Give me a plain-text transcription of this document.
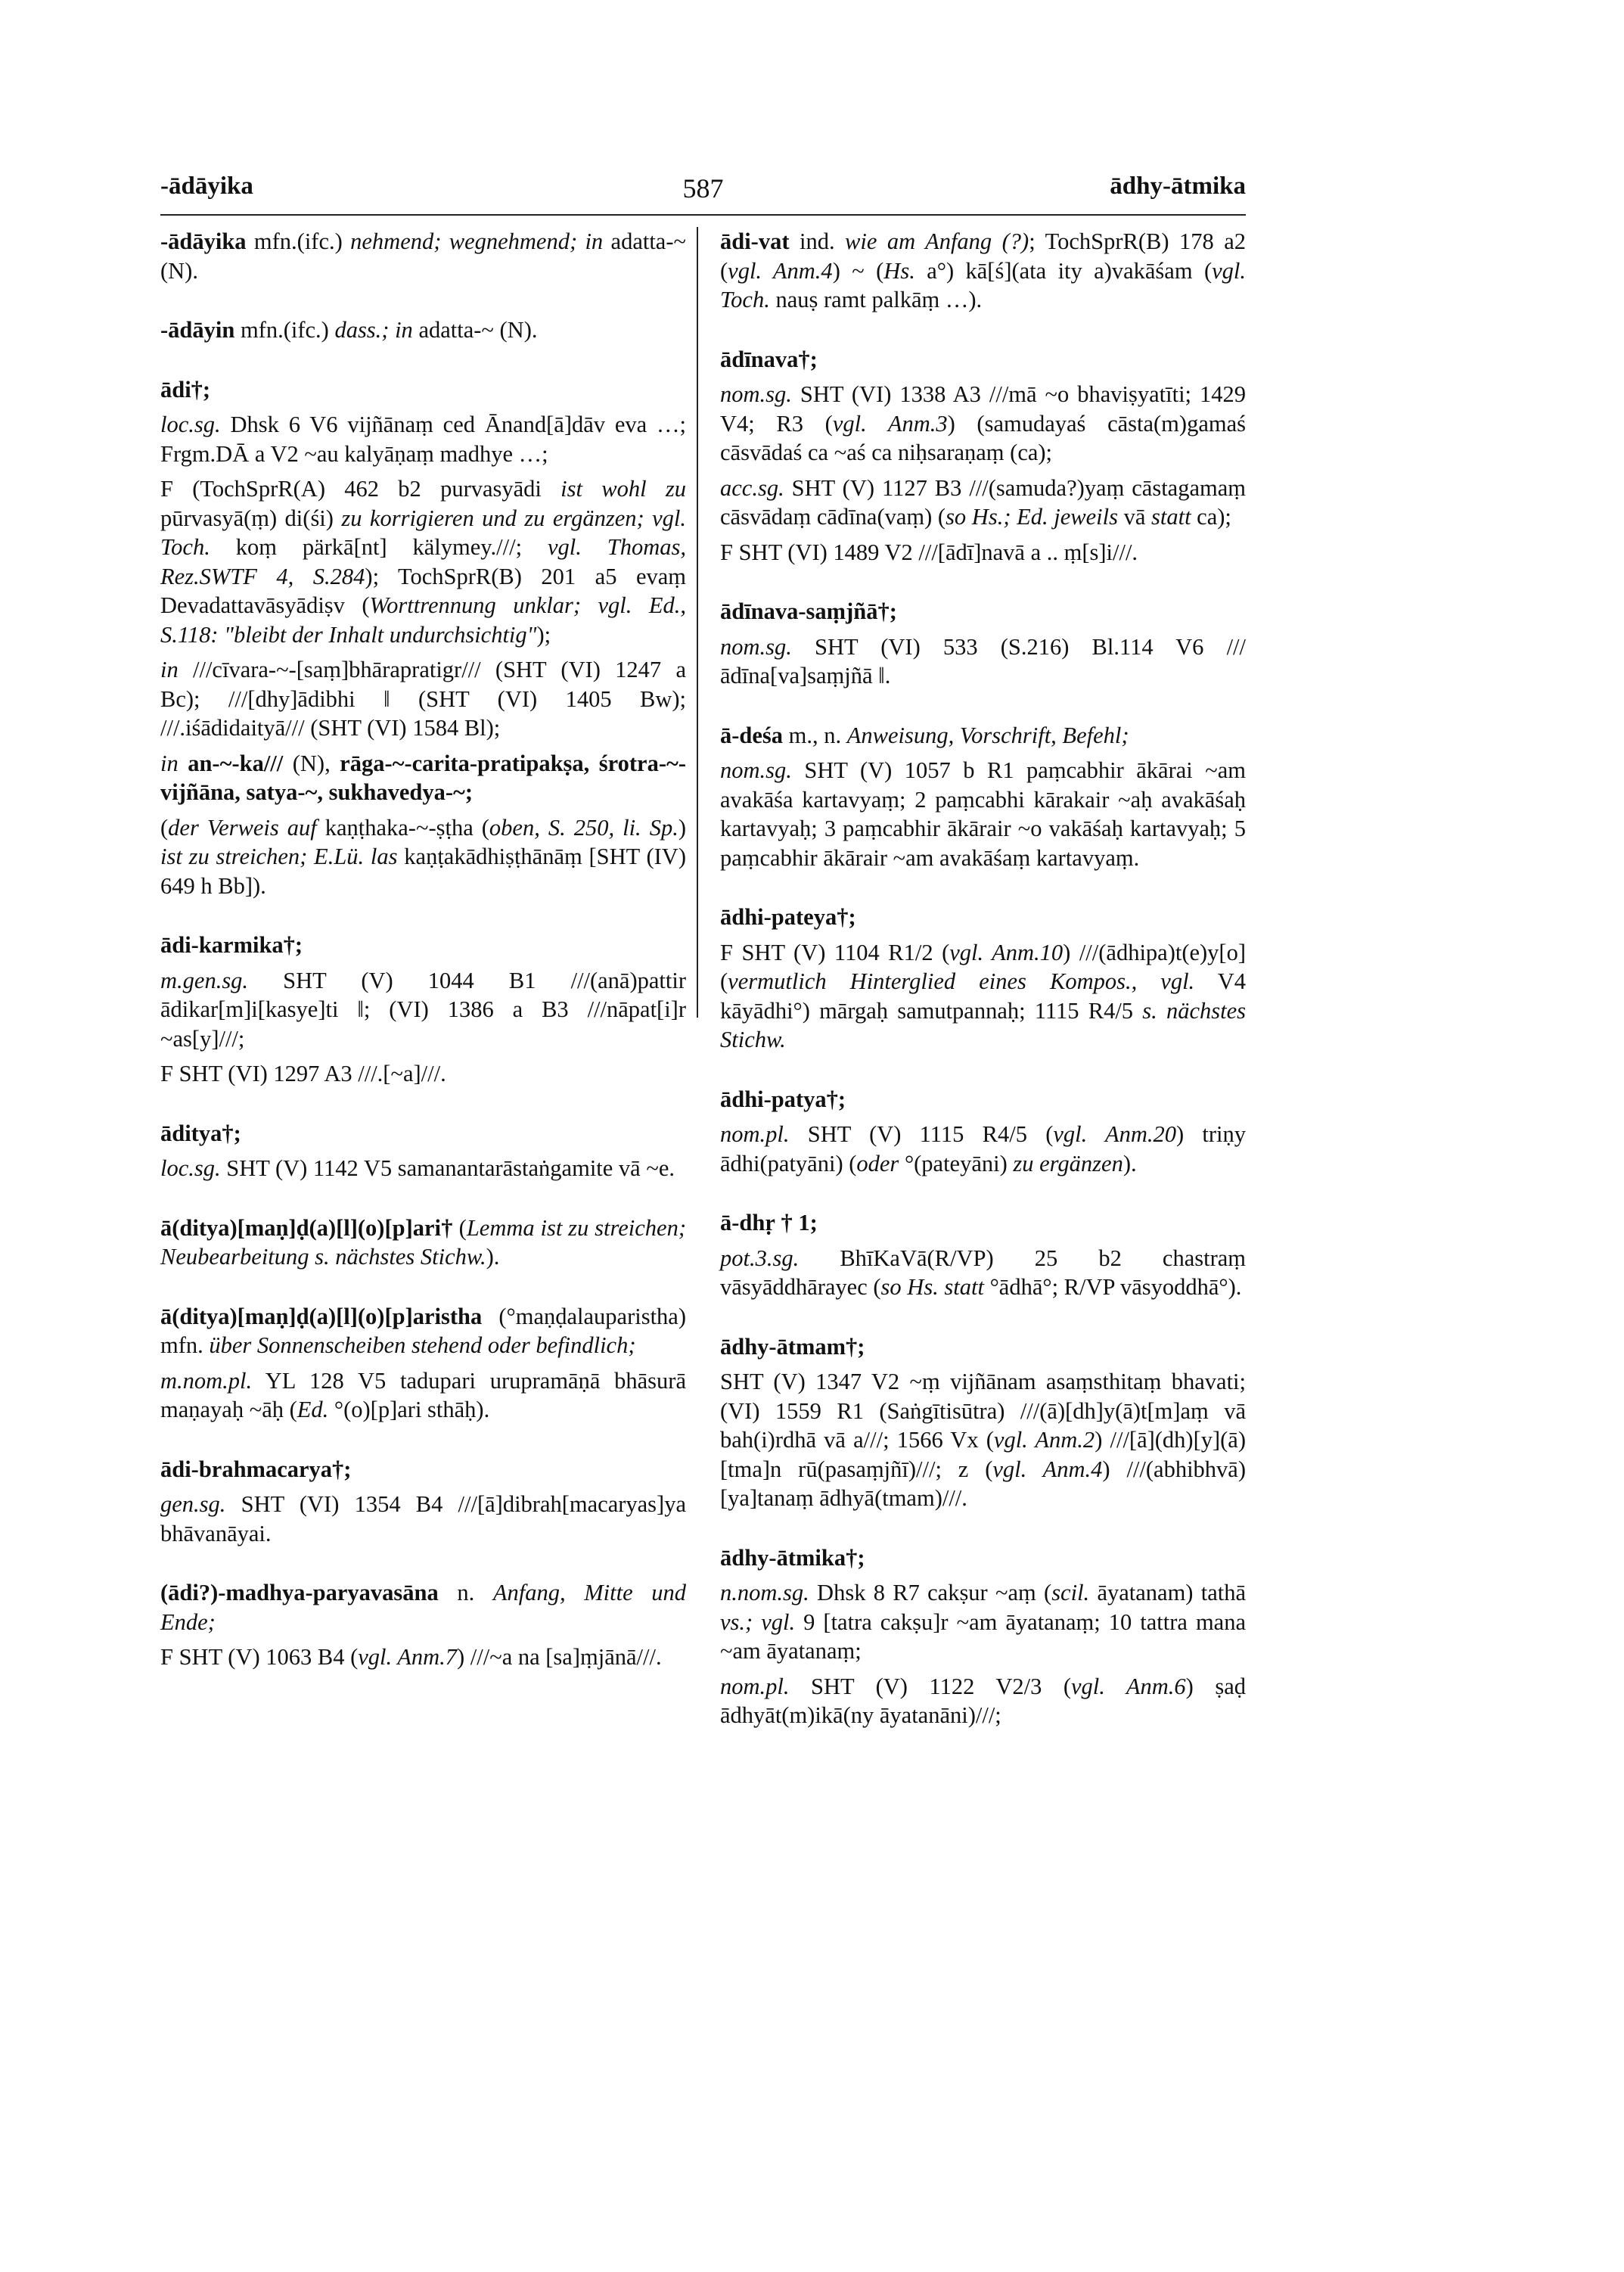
-ādāyika	587	ādhy-ātmika
-ādāyika mfn.(ifc.) nehmend; wegnehmend; in adatta-~ (N).
-ādāyin mfn.(ifc.) dass.; in adatta-~ (N).
ādi†;
loc.sg. Dhsk 6 V6 vijñānaṃ ced Ānand[ā]dāv eva …; Frgm.DĀ a V2 ~au kalyāṇaṃ madhye …;
F (TochSprR(A) 462 b2 purvasyādi ist wohl zu pūrvasyā(ṃ) di(śi) zu korrigieren und zu ergänzen; vgl. Toch. koṃ pärkā[nt] kälymey.///; vgl. Thomas, Rez.SWTF 4, S.284); TochSprR(B) 201 a5 evaṃ Devadattavāsyādiṣv (Worttrennung unklar; vgl. Ed., S.118: "bleibt der Inhalt undurchsichtig");
in ///cīvara-~-[saṃ]bhārapratigr/// (SHT (VI) 1247 a Bc); ///[dhy]ādibhi ‖ (SHT (VI) 1405 Bw); ///.iśādidaityā/// (SHT (VI) 1584 Bl);
in an-~-ka/// (N), rāga-~-carita-pratipakṣa, śrotra-~-vijñāna, satya-~, sukhavedya-~;
(der Verweis auf kaṇṭhaka-~-ṣṭha (oben, S. 250, li. Sp.) ist zu streichen; E.Lü. las kaṇṭakādhiṣṭhānāṃ [SHT (IV) 649 h Bb]).
ādi-karmika†;
m.gen.sg. SHT (V) 1044 B1 ///(anā)pattir ādikar[m]i[kasye]ti ‖; (VI) 1386 a B3 ///nāpat[i]r ~as[y]///;
F SHT (VI) 1297 A3 ///.[~a]///.
āditya†;
loc.sg. SHT (V) 1142 V5 samanantarāstaṅgamite vā ~e.
ā(ditya)[maṇ]ḍ(a)[l](o)[p]ari† (Lemma ist zu streichen; Neubearbeitung s. nächstes Stichw.).
ā(ditya)[maṇ]ḍ(a)[l](o)[p]aristha (°maṇḍalauparistha) mfn. über Sonnenscheiben stehend oder befindlich;
m.nom.pl. YL 128 V5 tadupari urupramāṇā bhāsurā maṇayaḥ ~āḥ (Ed. °(o)[p]ari sthāḥ).
ādi-brahmacarya†;
gen.sg. SHT (VI) 1354 B4 ///[ā]dibrah[macaryas]ya bhāvanāyai.
(ādi?)-madhya-paryavasāna n. Anfang, Mitte und Ende;
F SHT (V) 1063 B4 (vgl. Anm.7) ///~a na [sa]ṃjānā///.
ādi-vat ind. wie am Anfang (?); TochSprR(B) 178 a2 (vgl. Anm.4) ~ (Hs. a°) kā[ś](ata ity a)vakāśam (vgl. Toch. nauṣ ramt palkāṃ …).
ādīnava†;
nom.sg. SHT (VI) 1338 A3 ///mā ~o bhaviṣyatīti; 1429 V4; R3 (vgl. Anm.3) (samudayaś cāsta(m)gamaś cāsvādaś ca ~aś ca niḥsaraṇaṃ (ca);
acc.sg. SHT (V) 1127 B3 ///(samuda?)yaṃ cāstagamaṃ cāsvādaṃ cādīna(vaṃ) (so Hs.; Ed. jeweils vā statt ca);
F SHT (VI) 1489 V2 ///[ādī]navā a .. ṃ[s]i///.
ādīnava-saṃjñā†;
nom.sg. SHT (VI) 533 (S.216) Bl.114 V6 ///ādīna[va]saṃjñā ‖.
ā-deśa m., n. Anweisung, Vorschrift, Befehl;
nom.sg. SHT (V) 1057 b R1 paṃcabhir ākārai ~am avakāśa kartavyaṃ; 2 paṃcabhi kārakair ~aḥ avakāśaḥ kartavyaḥ; 3 paṃcabhir ākārair ~o vakāśaḥ kartavyaḥ; 5 paṃcabhir ākārair ~am avakāśaṃ kartavyaṃ.
ādhi-pateya†;
F SHT (V) 1104 R1/2 (vgl. Anm.10) ///(ādhipa)t(e)y[o] (vermutlich Hinterglied eines Kompos., vgl. V4 kāyādhi°) mārgaḥ samutpannaḥ; 1115 R4/5 s. nächstes Stichw.
ādhi-patya†;
nom.pl. SHT (V) 1115 R4/5 (vgl. Anm.20) triṇy ādhi(patyāni) (oder °(pateyāni) zu ergänzen).
ā-dhṛ † 1;
pot.3.sg. BhīKaVā(R/VP) 25 b2 chastraṃ vāsyāddhārayec (so Hs. statt °ādhā°; R/VP vāsyoddhā°).
ādhy-ātmam†;
SHT (V) 1347 V2 ~ṃ vijñānam asaṃsthitaṃ bhavati; (VI) 1559 R1 (Saṅgītisūtra) ///(ā)[dh]y(ā)t[m]aṃ vā bah(i)rdhā vā a///; 1566 Vx (vgl. Anm.2) ///[ā](dh)[y](ā)[tma]n rū(pasaṃjñī)///; z (vgl. Anm.4) ///(abhibhvā)[ya]tanaṃ ādhyā(tmam)///.
ādhy-ātmika†;
n.nom.sg. Dhsk 8 R7 cakṣur ~aṃ (scil. āyatanam) tathā vs.; vgl. 9 [tatra cakṣu]r ~am āyatanaṃ; 10 tattra mana ~am āyatanaṃ;
nom.pl. SHT (V) 1122 V2/3 (vgl. Anm.6) ṣaḍ ādhyāt(m)ikā(ny āyatanāni)///;
